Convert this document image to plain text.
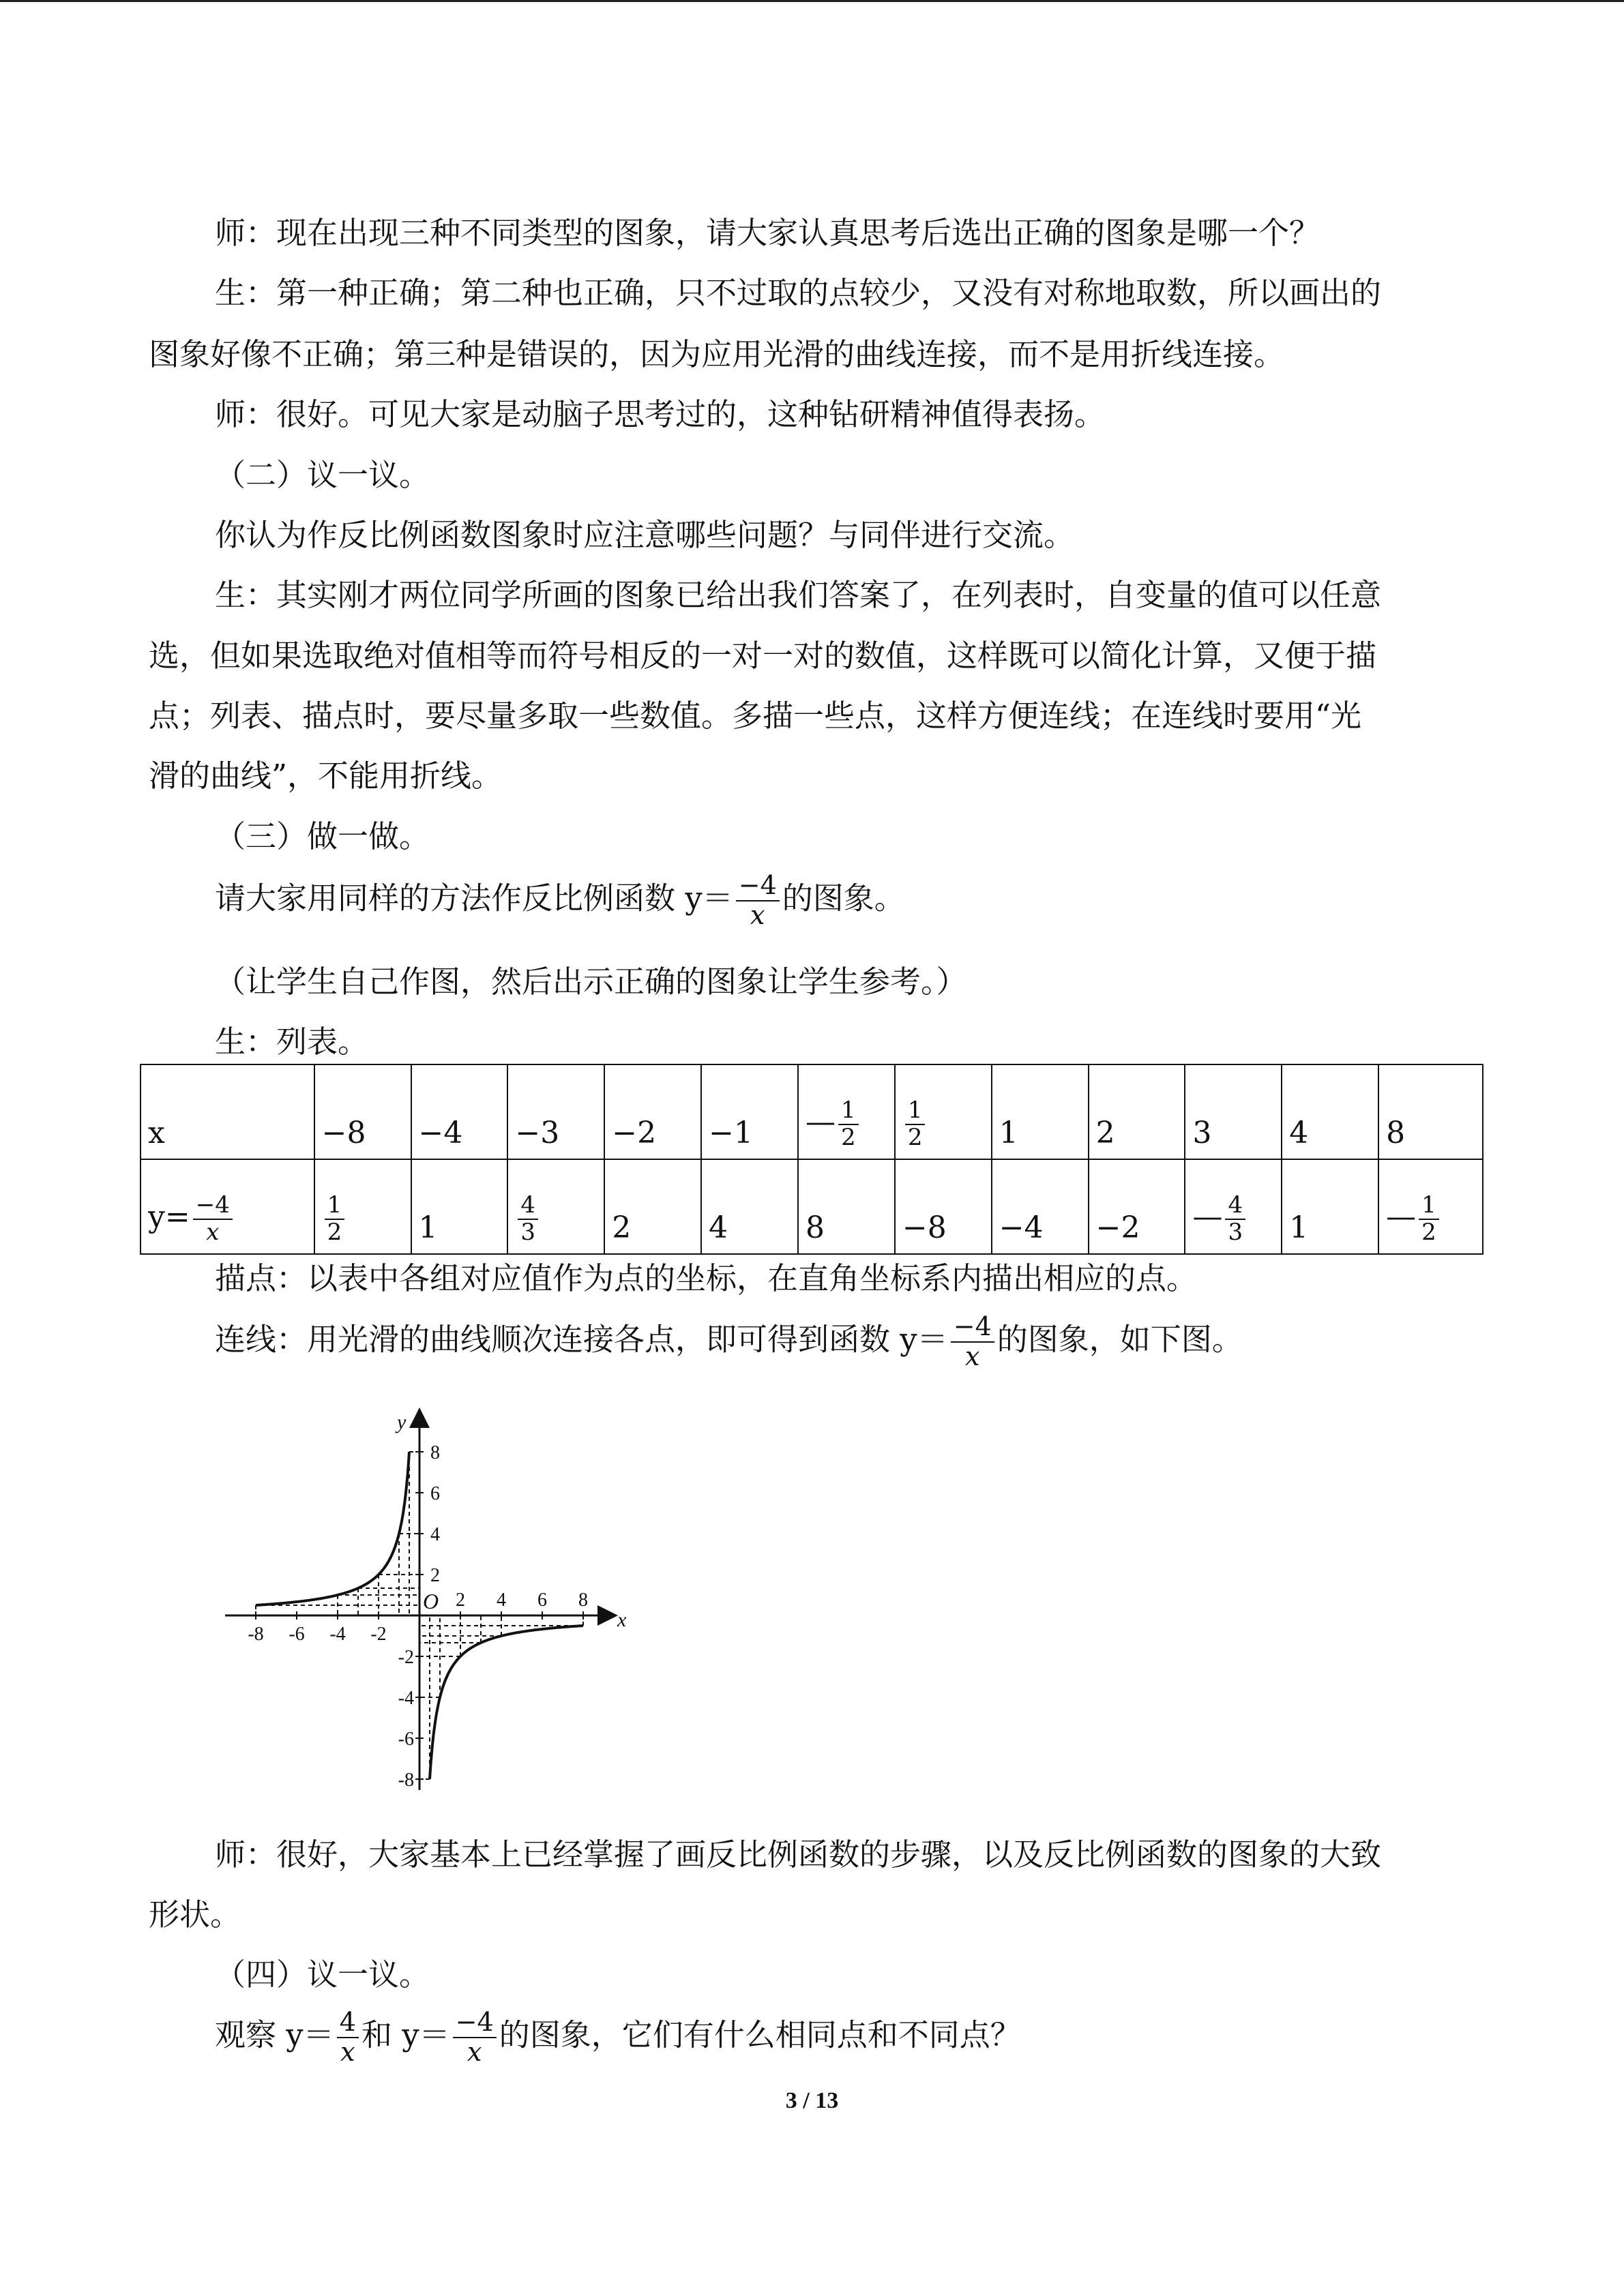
师：现在出现三种不同类型的图象，请大家认真思考后选出正确的图象是哪一个？
生：第一种正确；第二种也正确，只不过取的点较少，又没有对称地取数，所以画出的
图象好像不正确；第三种是错误的，因为应用光滑的曲线连接，而不是用折线连接。
师：很好。可见大家是动脑子思考过的，这种钻研精神值得表扬。
（二）议一议。
你认为作反比例函数图象时应注意哪些问题？与同伴进行交流。
生：其实刚才两位同学所画的图象已给出我们答案了，在列表时，自变量的值可以任意
选，但如果选取绝对值相等而符号相反的一对一对的数值，这样既可以简化计算，又便于描
点；列表、描点时，要尽量多取一些数值。多描一些点，这样方便连线；在连线时要用“光
滑的曲线”，不能用折线。
（三）做一做。
请大家用同样的方法作反比例函数 $y= \frac{-4}{x}$ 的图象。
（让学生自己作图，然后出示正确的图象让学生参考。）
生：列表。
x	−8	−4	−3	−2	−1	— $\frac{1}{2}$	$\frac{1}{2}$	1	2	3	4	8
$y= \frac{-4}{x}$	$\frac{1}{2}$	1	$\frac{4}{3}$	2	4	8	−8	−4	−2	— $\frac{4}{3}$	1	— $\frac{1}{2}$
描点：以表中各组对应值作为点的坐标，在直角坐标系内描出相应的点。
连线：用光滑的曲线顺次连接各点，即可得到函数 $y= \frac{-4}{x}$ 的图象，如下图。
x
y
O
-8 -6 -4 -2
2 4 6 8
8
6
4
2
-2
-4
-6
-8
师：很好，大家基本上已经掌握了画反比例函数的步骤，以及反比例函数的图象的大致
形状。
（四）议一议。
观察 $y= \frac{4}{x}$ 和 $y= \frac{-4}{x}$ 的图象，它们有什么相同点和不同点？
3 / 13
